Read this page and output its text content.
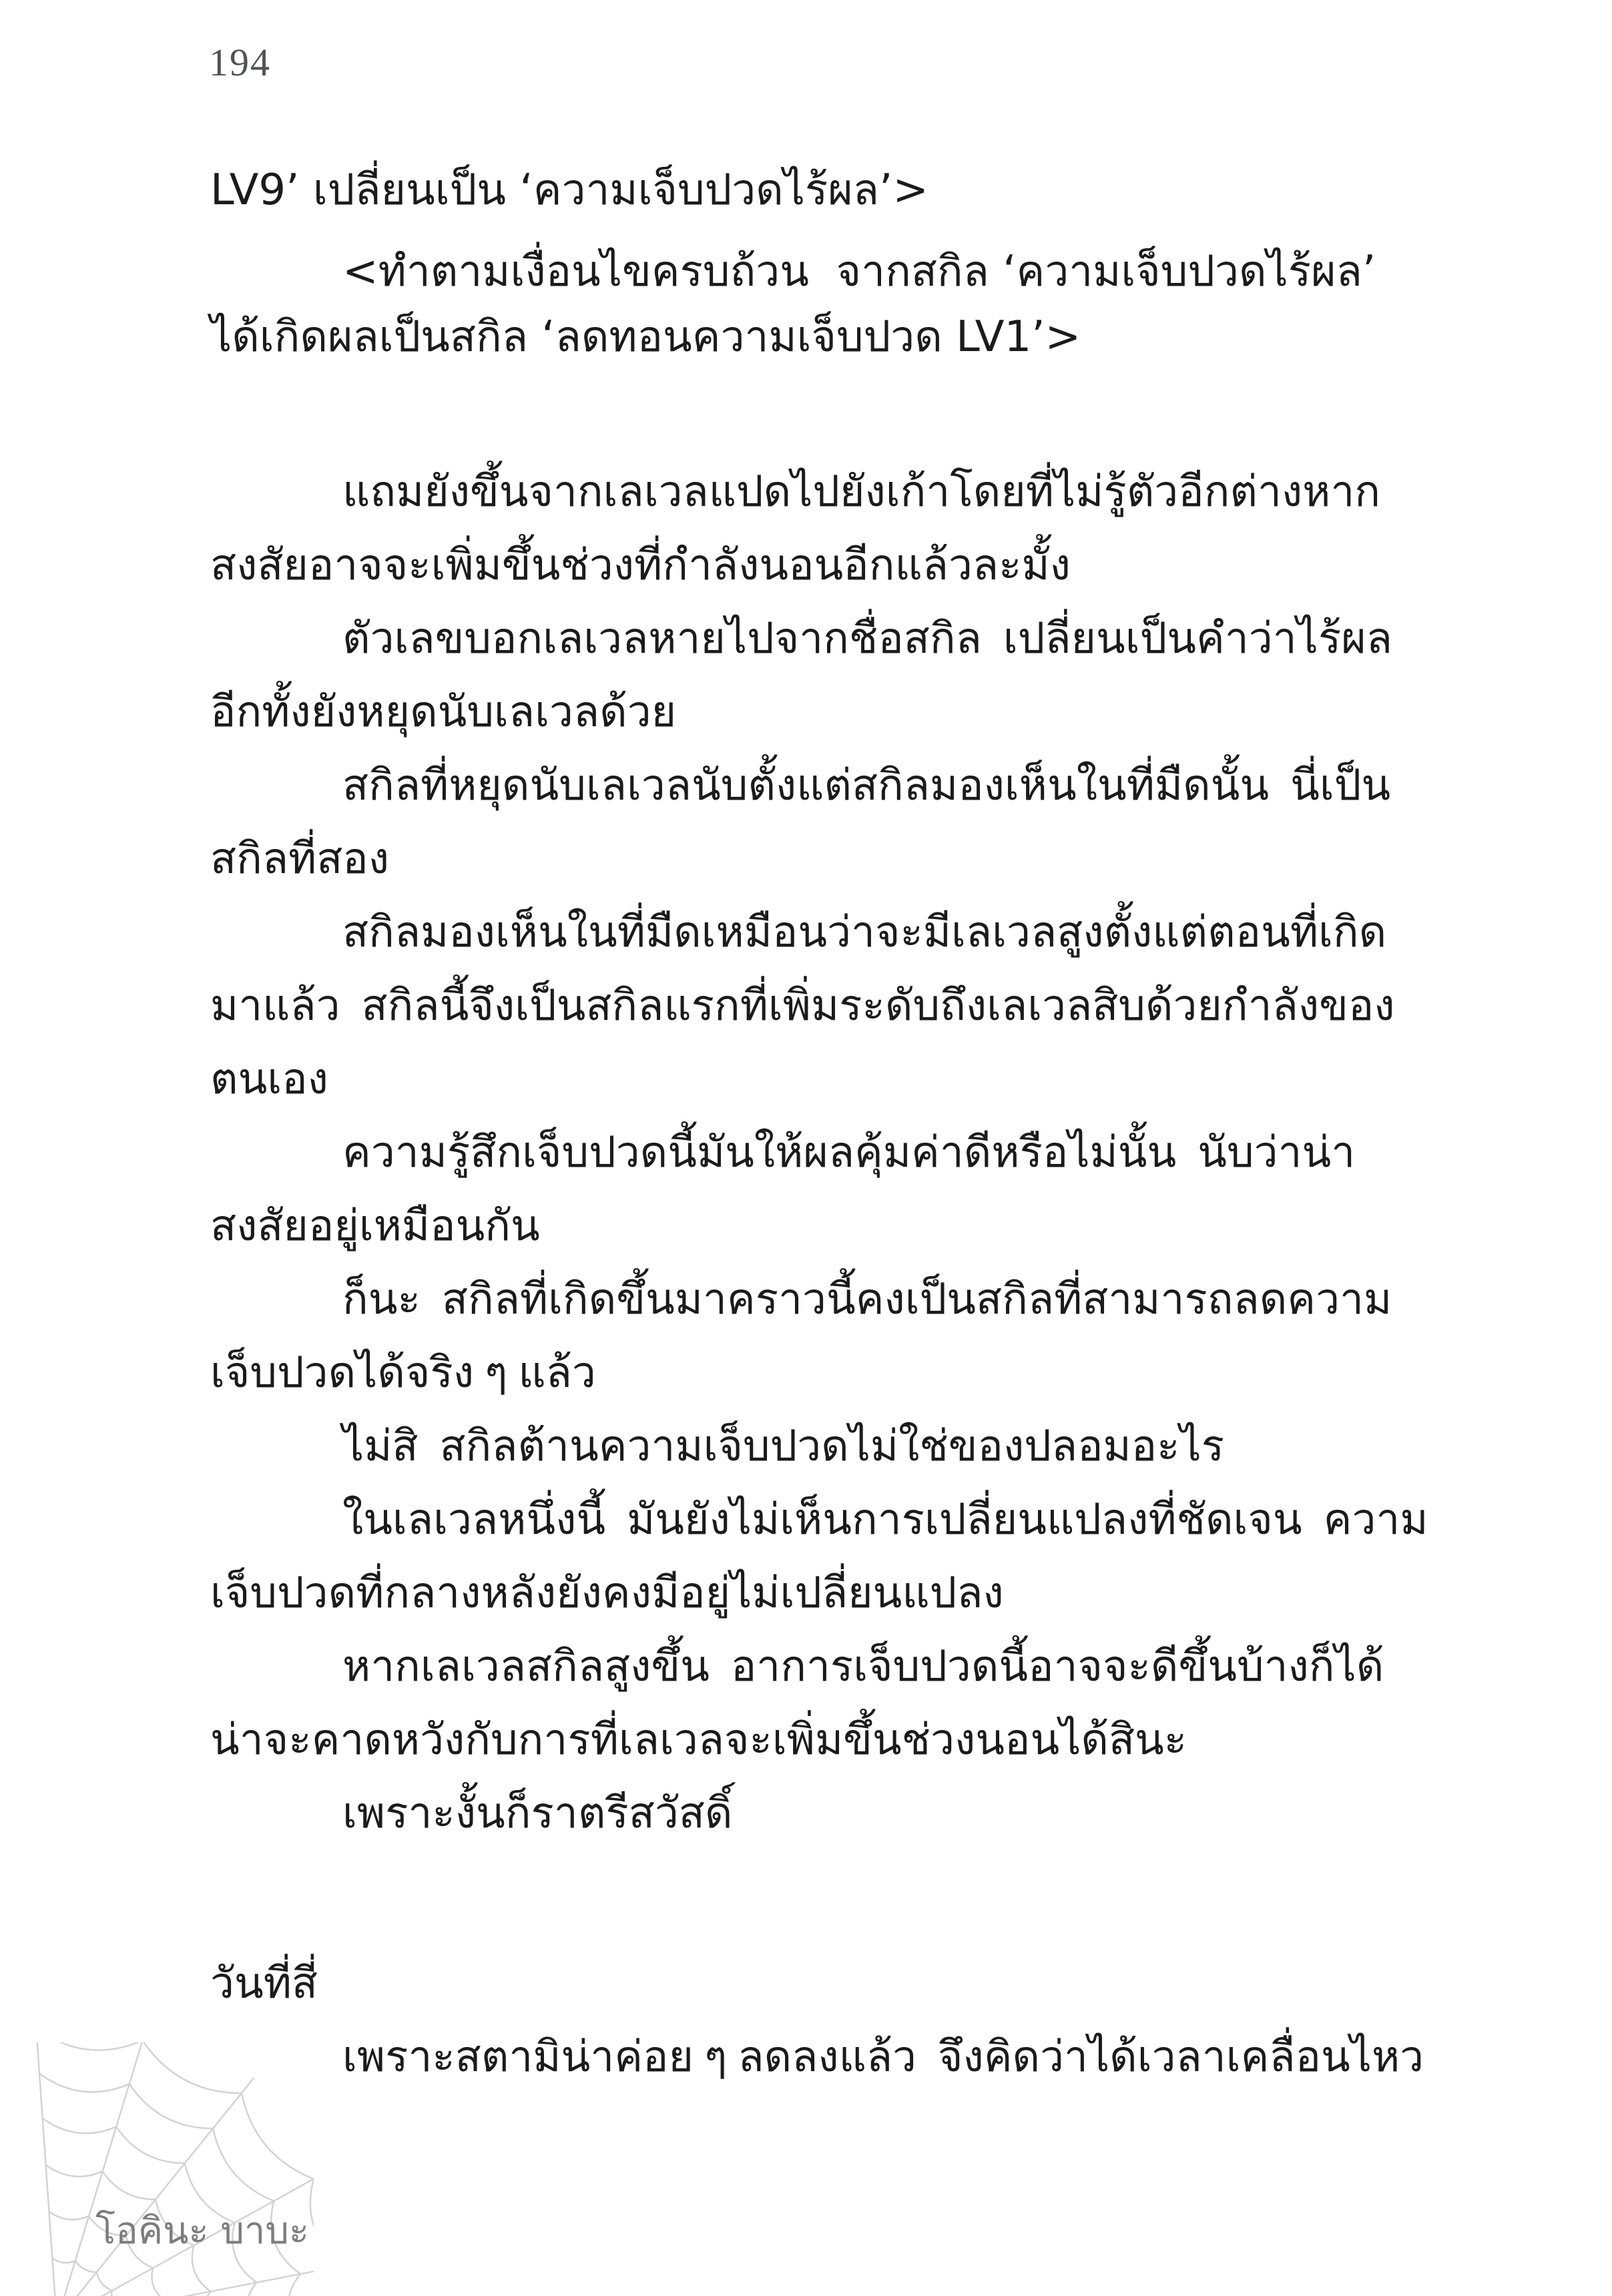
194
LV9’ เปลี่ยนเป็น ‘ความเจ็บปวดไร้ผล’>
<ทำตามเงื่อนไขครบถ้วน  จากสกิล ‘ความเจ็บปวดไร้ผล’
ได้เกิดผลเป็นสกิล ‘ลดทอนความเจ็บปวด LV1’>
แถมยังขึ้นจากเลเวลแปดไปยังเก้าโดยที่ไม่รู้ตัวอีกต่างหาก
สงสัยอาจจะเพิ่มขึ้นช่วงที่กำลังนอนอีกแล้วละมั้ง
ตัวเลขบอกเลเวลหายไปจากชื่อสกิล  เปลี่ยนเป็นคำว่าไร้ผล
อีกทั้งยังหยุดนับเลเวลด้วย
สกิลที่หยุดนับเลเวลนับตั้งแต่สกิลมองเห็นในที่มืดนั้น  นี่เป็น
สกิลที่สอง
สกิลมองเห็นในที่มืดเหมือนว่าจะมีเลเวลสูงตั้งแต่ตอนที่เกิด
มาแล้ว  สกิลนี้จึงเป็นสกิลแรกที่เพิ่มระดับถึงเลเวลสิบด้วยกำลังของ
ตนเอง
ความรู้สึกเจ็บปวดนี้มันให้ผลคุ้มค่าดีหรือไม่นั้น  นับว่าน่า
สงสัยอยู่เหมือนกัน
ก็นะ  สกิลที่เกิดขึ้นมาคราวนี้คงเป็นสกิลที่สามารถลดความ
เจ็บปวดได้จริง ๆ แล้ว
ไม่สิ  สกิลต้านความเจ็บปวดไม่ใช่ของปลอมอะไร
ในเลเวลหนึ่งนี้  มันยังไม่เห็นการเปลี่ยนแปลงที่ชัดเจน  ความ
เจ็บปวดที่กลางหลังยังคงมีอยู่ไม่เปลี่ยนแปลง
หากเลเวลสกิลสูงขึ้น  อาการเจ็บปวดนี้อาจจะดีขึ้นบ้างก็ได้
น่าจะคาดหวังกับการที่เลเวลจะเพิ่มขึ้นช่วงนอนได้สินะ
เพราะงั้นก็ราตรีสวัสดิ์
วันที่สี่
เพราะสตามิน่าค่อย ๆ ลดลงแล้ว  จึงคิดว่าได้เวลาเคลื่อนไหว
โอคินะ บาบะ
